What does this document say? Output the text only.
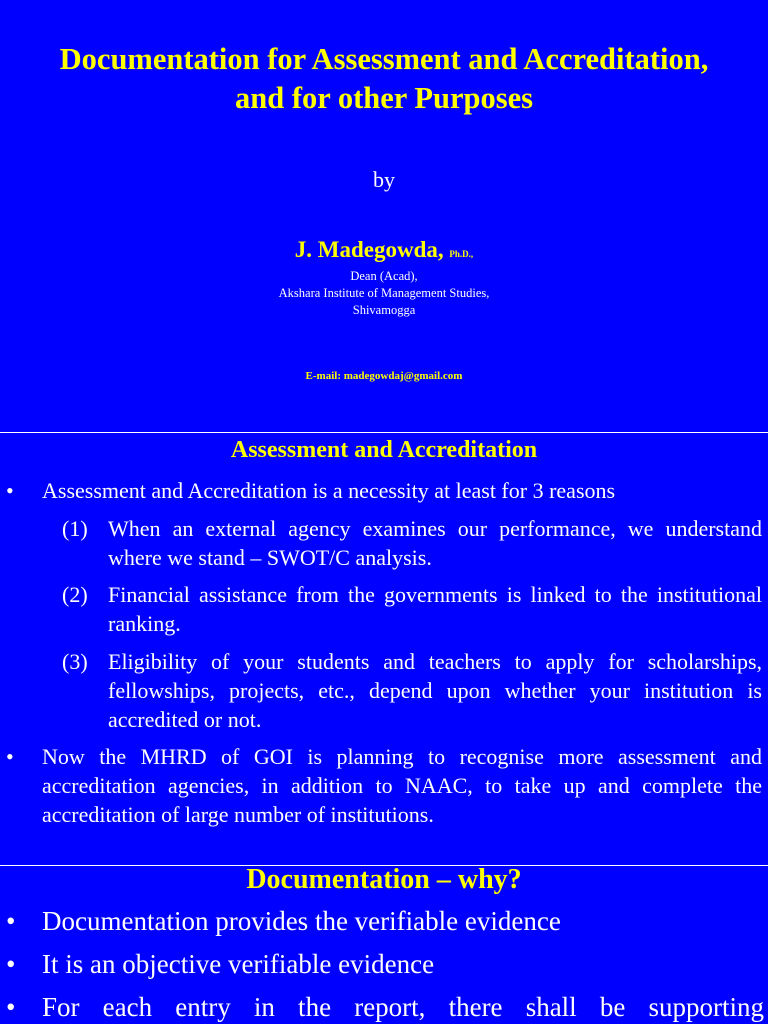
Documentation for Assessment and Accreditation,
and for other Purposes
by
J. Madegowda, Ph.D.,
Dean (Acad),
Akshara Institute of Management Studies,
Shivamogga
E-mail: madegowdaj@gmail.com
Assessment and Accreditation
• Assessment and Accreditation is a necessity at least for 3 reasons
(1) When an external agency examines our performance, we understand where we stand – SWOT/C analysis.
(2) Financial assistance from the governments is linked to the institutional ranking.
(3) Eligibility of your students and teachers to apply for scholarships, fellowships, projects, etc., depend upon whether your institution is accredited or not.
• Now the MHRD of GOI is planning to recognise more assessment and accreditation agencies, in addition to NAAC, to take up and complete the accreditation of large number of institutions.
Documentation – why?
• Documentation provides the verifiable evidence
• It is an objective verifiable evidence
• For each entry in the report, there shall be supporting
